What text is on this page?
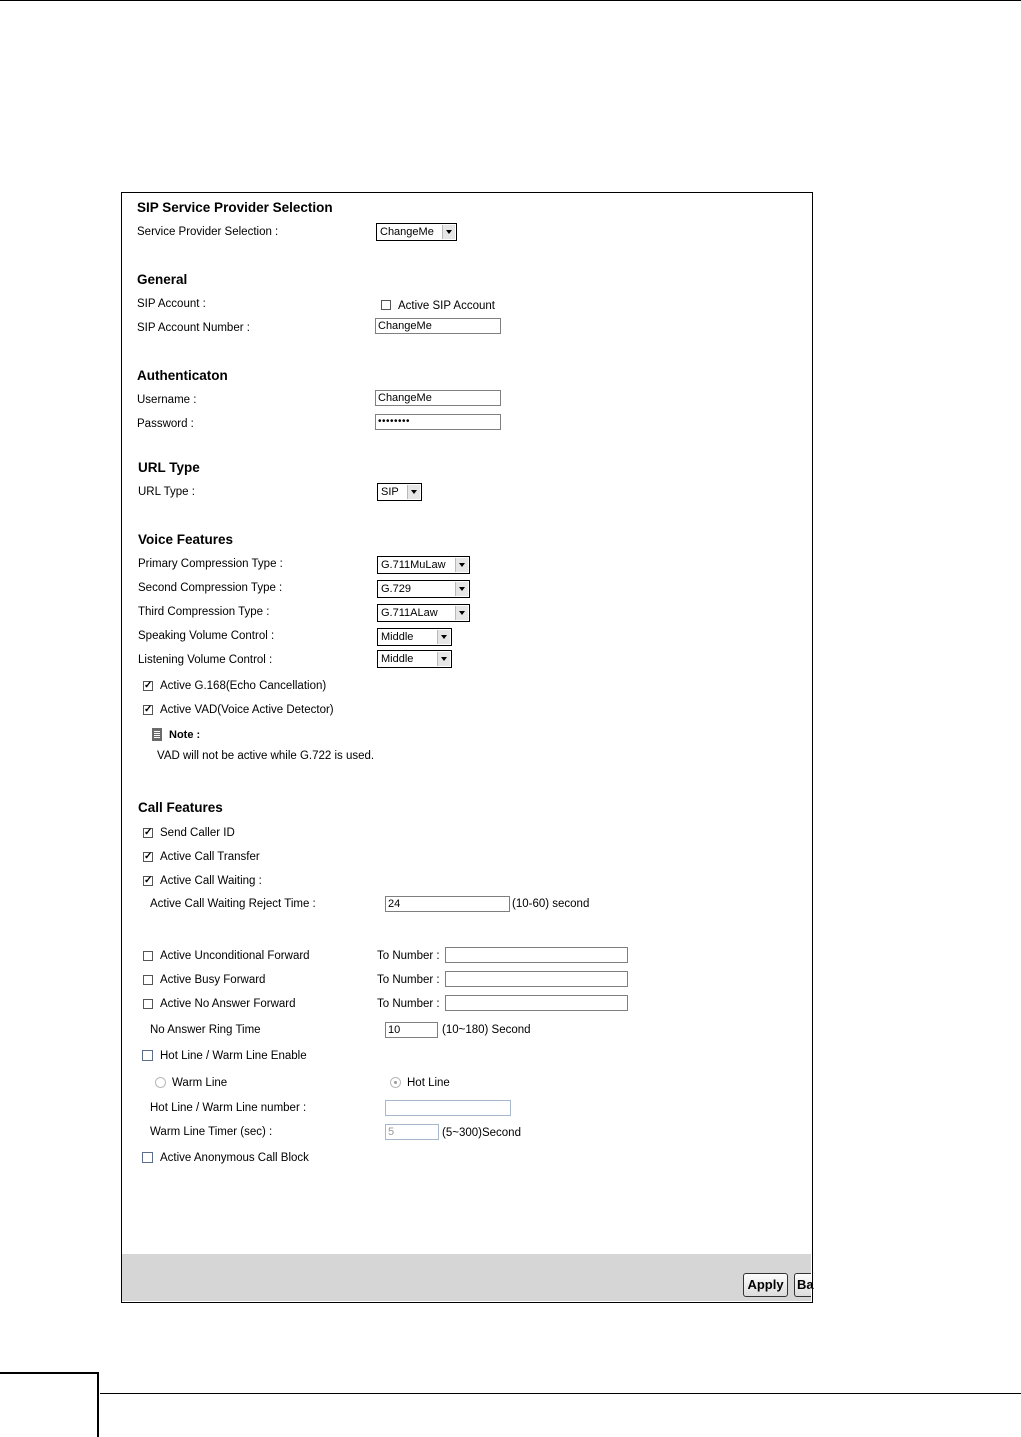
SIP Service Provider Selection
Service Provider Selection :	ChangeMe
General
SIP Account :	Active SIP Account
SIP Account Number :	ChangeMe
Authenticaton
Username :	ChangeMe
Password :	••••••••
URL Type
URL Type :	SIP
Voice Features
Primary Compression Type :	G.711MuLaw
Second Compression Type :	G.729
Third Compression Type :	G.711ALaw
Speaking Volume Control :	Middle
Listening Volume Control :	Middle
✓ Active G.168(Echo Cancellation)
✓ Active VAD(Voice Active Detector)
Note :
VAD will not be active while G.722 is used.
Call Features
✓ Send Caller ID
✓ Active Call Transfer
✓ Active Call Waiting :
Active Call Waiting Reject Time :	24	(10-60) second
Active Unconditional Forward	To Number :
Active Busy Forward	To Number :
Active No Answer Forward	To Number :
No Answer Ring Time	10	(10~180) Second
Hot Line / Warm Line Enable
Warm Line	Hot Line
Hot Line / Warm Line number :
Warm Line Timer (sec) :	5	(5~300)Second
Active Anonymous Call Block
Apply	Ba
